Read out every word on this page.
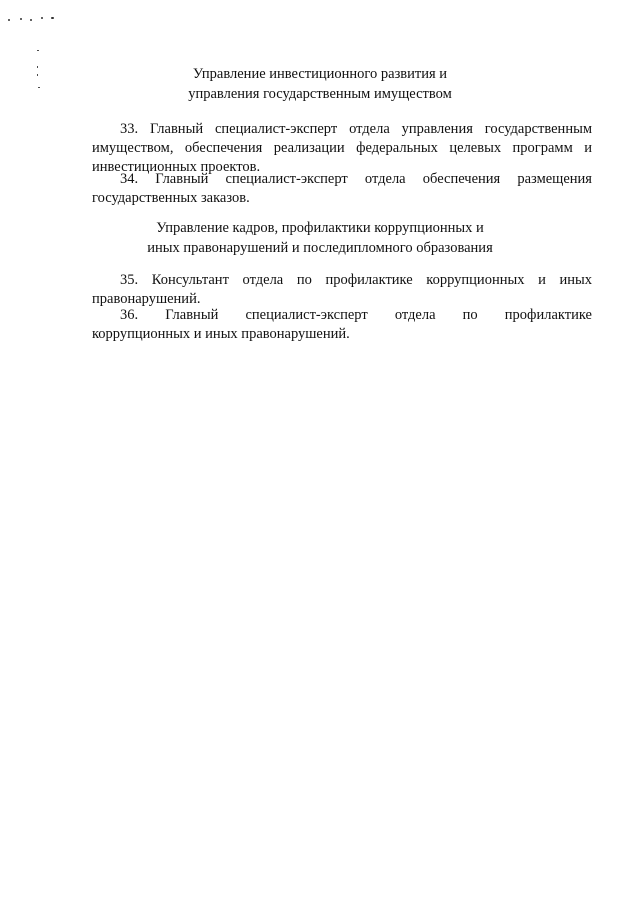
Управление инвестиционного развития и
управления государственным имуществом
33. Главный специалист-эксперт отдела управления государственным
имуществом, обеспечения реализации федеральных целевых программ и
инвестиционных проектов.
34. Главный специалист-эксперт отдела обеспечения размещения
государственных заказов.
Управление кадров, профилактики коррупционных и
иных правонарушений и последипломного образования
35. Консультант отдела по профилактике коррупционных и иных
правонарушений.
36. Главный специалист-эксперт отдела по профилактике
коррупционных и иных правонарушений.
